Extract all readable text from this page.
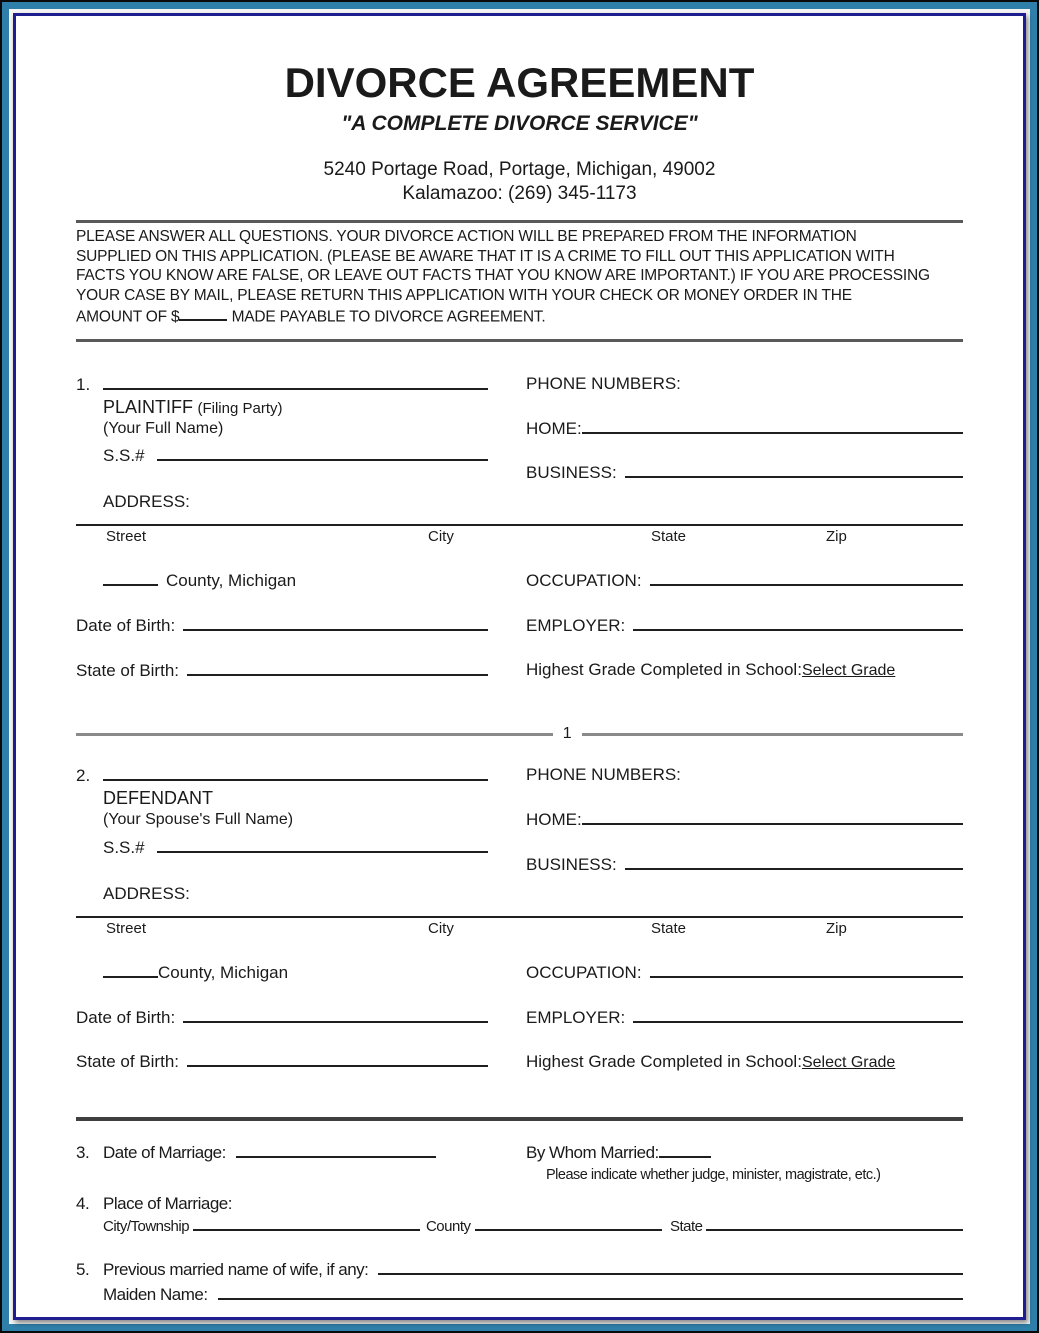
DIVORCE AGREEMENT
"A COMPLETE DIVORCE SERVICE"
5240 Portage Road, Portage, Michigan, 49002
Kalamazoo: (269) 345-1173
PLEASE ANSWER ALL QUESTIONS. YOUR DIVORCE ACTION WILL BE PREPARED FROM THE INFORMATION
SUPPLIED ON THIS APPLICATION. (PLEASE BE AWARE THAT IT IS A CRIME TO FILL OUT THIS APPLICATION WITH
FACTS YOU KNOW ARE FALSE, OR LEAVE OUT FACTS THAT YOU KNOW ARE IMPORTANT.) IF YOU ARE PROCESSING
YOUR CASE BY MAIL, PLEASE RETURN THIS APPLICATION WITH YOUR CHECK OR MONEY ORDER IN THE
AMOUNT OF $	MADE PAYABLE TO DIVORCE AGREEMENT.
1.
PLAINTIFF (Filing Party)
(Your Full Name)
S.S.#
ADDRESS:
PHONE NUMBERS:
HOME:
BUSINESS:
Street	City	State	Zip
County, Michigan
Date of Birth:
State of Birth:
OCCUPATION:
EMPLOYER:
Highest Grade Completed in School: Select Grade
1
2.
DEFENDANT
(Your Spouse's Full Name)
S.S.#
ADDRESS:
PHONE NUMBERS:
HOME:
BUSINESS:
Street	City	State	Zip
County, Michigan
Date of Birth:
State of Birth:
OCCUPATION:
EMPLOYER:
Highest Grade Completed in School: Select Grade
3. Date of Marriage:	By Whom Married:
Please indicate whether judge, minister, magistrate, etc.)
4. Place of Marriage:
City/Township	County	State
5. Previous married name of wife, if any:
Maiden Name:
